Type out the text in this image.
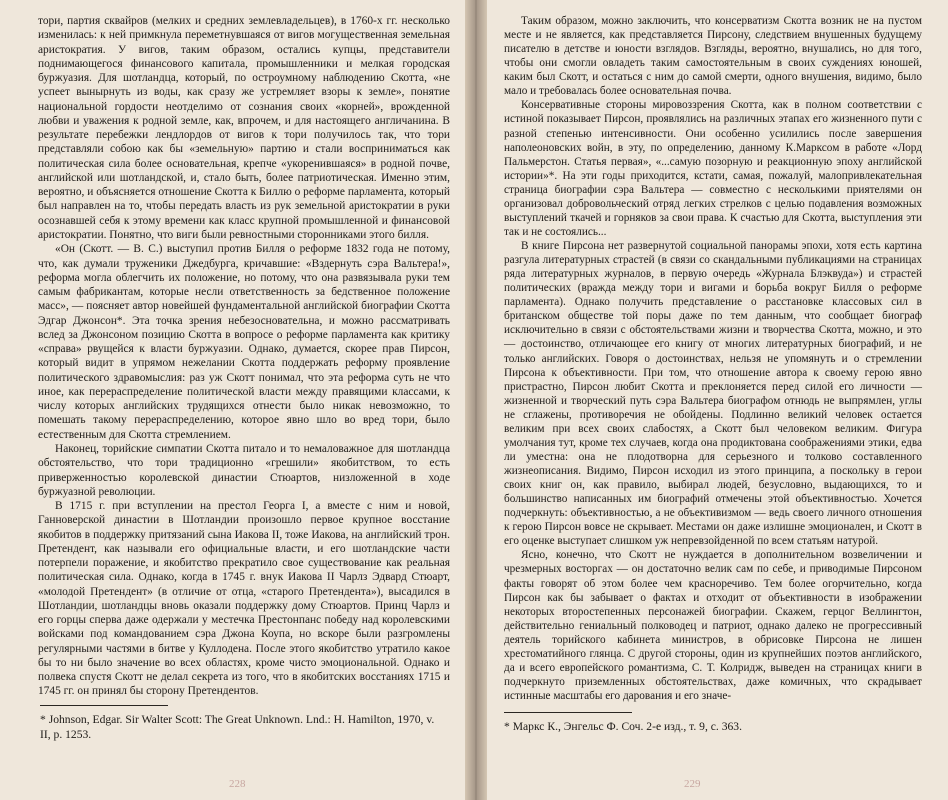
тори, партия сквайров (мелких и средних землевладельцев), в 1760-х гг. несколько изменилась: к ней примкнула переметнувшаяся от вигов могущественная земельная аристократия. У вигов, таким образом, остались купцы, представители поднимающегося финансового капитала, промышленники и мелкая городская буржуазия. Для шотландца, который, по остроумному наблюдению Скотта, «не успеет вынырнуть из воды, как сразу же устремляет взоры к земле», понятие национальной гордости неотделимо от сознания своих «корней», врожденной любви и уважения к родной земле, как, впрочем, и для настоящего англичанина. В результате перебежки лендлордов от вигов к тори получилось так, что тори представляли собою как бы «земельную» партию и стали восприниматься как политическая сила более основательная, крепче «укоренившаяся» в родной почве, английской или шотландской, и, стало быть, более патриотическая. Именно этим, вероятно, и объясняется отношение Скотта к Биллю о реформе парламента, который был направлен на то, чтобы передать власть из рук земельной аристократии в руки осознавшей себя к этому времени как класс крупной промышленной и финансовой аристократии. Понятно, что виги были ревностными сторонниками этого билля.

«Он (Скотт. — В. С.) выступил против Билля о реформе 1832 года не потому, что, как думали труженики Джедбурга, кричавшие: «Вздернуть сэра Вальтера!», реформа могла облегчить их положение, но потому, что она развязывала руки тем самым фабрикантам, которые несли ответственность за бедственное положение масс», — поясняет автор новейшей фундаментальной английской биографии Скотта Эдгар Джонсон*. Эта точка зрения небезосновательна, и можно рассматривать вслед за Джонсоном позицию Скотта в вопросе о реформе парламента как критику «справа» рвущейся к власти буржуазии. Однако, думается, скорее прав Пирсон, который видит в упрямом нежелании Скотта поддержать реформу проявление политического здравомыслия: раз уж Скотт понимал, что эта реформа суть не что иное, как перераспределение политической власти между правящими классами, к числу которых английских трудящихся отнести было никак невозможно, то помешать такому перераспределению, которое явно шло во вред тори, было естественным для Скотта стремлением.

Наконец, торийские симпатии Скотта питало и то немаловажное для шотландца обстоятельство, что тори традиционно «грешили» якобитством, то есть приверженностью королевской династии Стюартов, низложенной в ходе буржуазной революции.

В 1715 г. при вступлении на престол Георга I, а вместе с ним и новой, Ганноверской династии в Шотландии произошло первое крупное восстание якобитов в поддержку притязаний сына Иакова II, тоже Иакова, на английский трон. Претендент, как называли его официальные власти, и его шотландские части потерпели поражение, и якобитство прекратило свое существование как реальная политическая сила. Однако, когда в 1745 г. внук Иакова II Чарлз Эдвард Стюарт, «молодой Претендент» (в отличие от отца, «старого Претендента»), высадился в Шотландии, шотландцы вновь оказали поддержку дому Стюартов. Принц Чарлз и его горцы сперва даже одержали у местечка Престонпанс победу над королевскими войсками под командованием сэра Джона Коупа, но вскоре были разгромлены регулярными частями в битве у Куллодена. После этого якобитство утратило какое бы то ни было значение во всех областях, кроме чисто эмоциональной. Однако и полвека спустя Скотт не делал секрета из того, что в якобитских восстаниях 1715 и 1745 гг. он принял бы сторону Претендентов.

* Johnson, Edgar. Sir Walter Scott: The Great Unknown. Lnd.: H. Hamilton, 1970, v. II, p. 1253.
228

Таким образом, можно заключить, что консерватизм Скотта возник не на пустом месте и не является, как представляется Пирсону, следствием внушенных будущему писателю в детстве и юности взглядов. Взгляды, вероятно, внушались, но для того, чтобы они смогли овладеть таким самостоятельным в своих суждениях юношей, каким был Скотт, и остаться с ним до самой смерти, одного внушения, видимо, было мало и требовалась более основательная почва.

Консервативные стороны мировоззрения Скотта, как в полном соответствии с истиной показывает Пирсон, проявлялись на различных этапах его жизненного пути с разной степенью интенсивности. Они особенно усилились после завершения наполеоновских войн, в эту, по определению, данному К.Марксом в работе «Лорд Пальмерстон. Статья первая», «...самую позорную и реакционную эпоху английской истории»*. На эти годы приходится, кстати, самая, пожалуй, малопривлекательная страница биографии сэра Вальтера — совместно с несколькими приятелями он организовал добровольческий отряд легких стрелков с целью подавления возможных выступлений ткачей и горняков за свои права. К счастью для Скотта, выступления эти так и не состоялись...

В книге Пирсона нет развернутой социальной панорамы эпохи, хотя есть картина разгула литературных страстей (в связи со скандальными публикациями на страницах ряда литературных журналов, в первую очередь «Журнала Блэквуда») и страстей политических (вражда между тори и вигами и борьба вокруг Билля о реформе парламента). Однако получить представление о расстановке классовых сил в британском обществе той поры даже по тем данным, что сообщает биограф исключительно в связи с обстоятельствами жизни и творчества Скотта, можно, и это — достоинство, отличающее его книгу от многих литературных биографий, и не только английских. Говоря о достоинствах, нельзя не упомянуть и о стремлении Пирсона к объективности. При том, что отношение автора к своему герою явно пристрастно, Пирсон любит Скотта и преклоняется перед силой его личности — жизненной и творческий путь сэра Вальтера биографом отнюдь не выпрямлен, углы не сглажены, противоречия не обойдены. Подлинно великий человек остается великим при всех своих слабостях, а Скотт был человеком великим. Фигура умолчания тут, кроме тех случаев, когда она продиктована соображениями этики, едва ли уместна: она не плодотворна для серьезного и толково составленного жизнеописания. Видимо, Пирсон исходил из этого принципа, а поскольку в герои своих книг он, как правило, выбирал людей, безусловно, выдающихся, то и большинство написанных им биографий отмечены этой объективностью. Хочется подчеркнуть: объективностью, а не объективизмом — ведь своего личного отношения к герою Пирсон вовсе не скрывает. Местами он даже излишне эмоционален, и Скотт в его оценке выступает слишком уж непревзойденной по всем статьям натурой.

Ясно, конечно, что Скотт не нуждается в дополнительном возвеличении и чрезмерных восторгах — он достаточно велик сам по себе, и приводимые Пирсоном факты говорят об этом более чем красноречиво. Тем более огорчительно, когда Пирсон как бы забывает о фактах и отходит от объективности в изображении некоторых второстепенных персонажей биографии. Скажем, герцог Веллингтон, действительно гениальный полководец и патриот, однако далеко не прогрессивный деятель торийского кабинета министров, в обрисовке Пирсона не лишен хрестоматийного глянца. С другой стороны, один из крупнейших поэтов английского, да и всего европейского романтизма, С. Т. Колридж, выведен на страницах книги в подчеркнуто приземленных обстоятельствах, даже комичных, что скрадывает истинные масштабы его дарования и его значе-

* Маркс К., Энгельс Ф. Соч. 2-е изд., т. 9, с. 363.
229
